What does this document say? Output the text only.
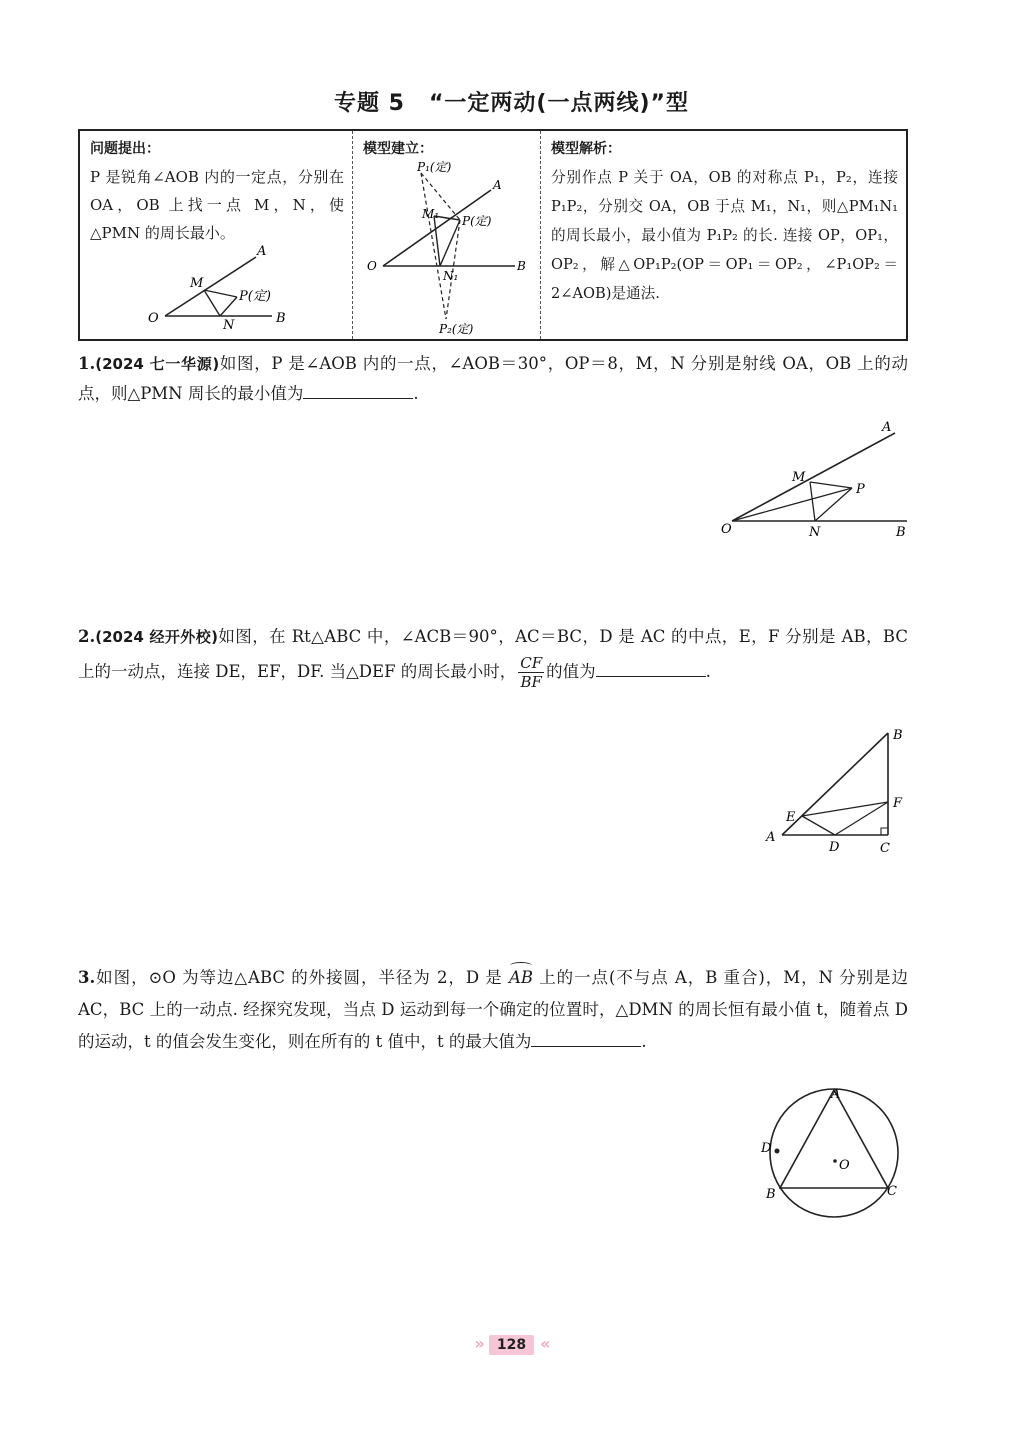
专题 5 “一定两动(一点两线)”型
问题提出：
P 是锐角∠AOB 内的一定点，分别在 OA，OB 上找一点 M，N，使△PMN 的周长最小。
A
M
P(定)
O	N	B
模型建立：
P₁(定)
A
M₁ P(定)
O
N₁
B
P₂(定)
模型解析：
分别作点 P 关于 OA，OB 的对称点 P₁，P₂，连接 P₁P₂，分别交 OA，OB 于点 M₁，N₁，则△PM₁N₁ 的周长最小，最小值为 P₁P₂ 的长. 连接 OP，OP₁，OP₂，解△OP₁P₂(OP＝OP₁＝OP₂，∠P₁OP₂＝2∠AOB)是通法.
1.(2024 七一华源)如图，P 是∠AOB 内的一点，∠AOB＝30°，OP＝8，M，N 分别是射线 OA，OB 上的动点，则△PMN 周长的最小值为	.
A
M
P
O	N	B
2.(2024 经开外校)如图，在 Rt△ABC 中，∠ACB＝90°，AC＝BC，D 是 AC 的中点，E，F 分别是 AB，BC 上的一动点，连接 DE，EF，DF. 当△DEF 的周长最小时， $\frac{CF}{BF}$ 的值为	.
B
E
F
A
D	C
3.如图，⊙O 为等边△ABC 的外接圆，半径为 2，D 是 AB 上的一点(不与点 A，B 重合)，M，N 分别是边 AC，BC 上的一动点. 经探究发现，当点 D 运动到每一个确定的位置时，△DMN 的周长恒有最小值 t，随着点 D 的运动，t 的值会发生变化，则在所有的 t 值中，t 的最大值为	.
A
D
O
B	C
» 128 «
